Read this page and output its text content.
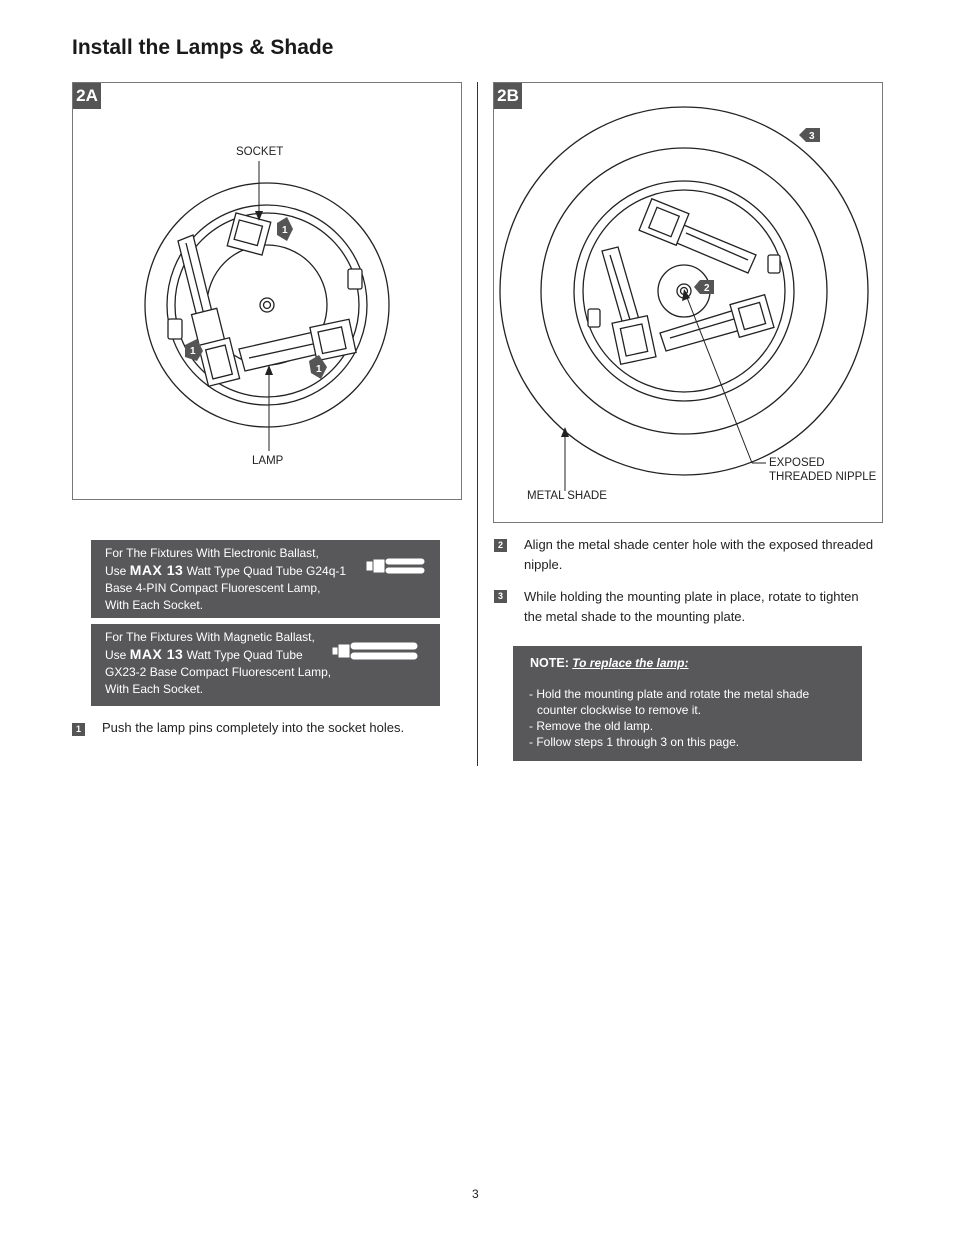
Install the Lamps & Shade
2A
1
1
1
SOCKET
LAMP
2B
2
3
EXPOSED
THREADED NIPPLE
METAL SHADE
For The Fixtures With Electronic Ballast,
Use MAX 13 Watt Type Quad Tube G24q-1
Base 4-PIN Compact Fluorescent Lamp,
With Each Socket.
For The Fixtures With Magnetic Ballast,
Use MAX 13 Watt Type Quad Tube
GX23-2 Base Compact Fluorescent Lamp,
With Each Socket.
1	Push the lamp pins completely into the socket holes.
2	Align the metal shade center hole with the exposed threaded
nipple.
3	While holding the mounting plate in place, rotate to tighten
the metal shade to the mounting plate.
NOTE: To replace the lamp:
- Hold the mounting plate and rotate the metal shade
counter clockwise to remove it.
- Remove the old lamp.
- Follow steps 1 through 3 on this page.
3
